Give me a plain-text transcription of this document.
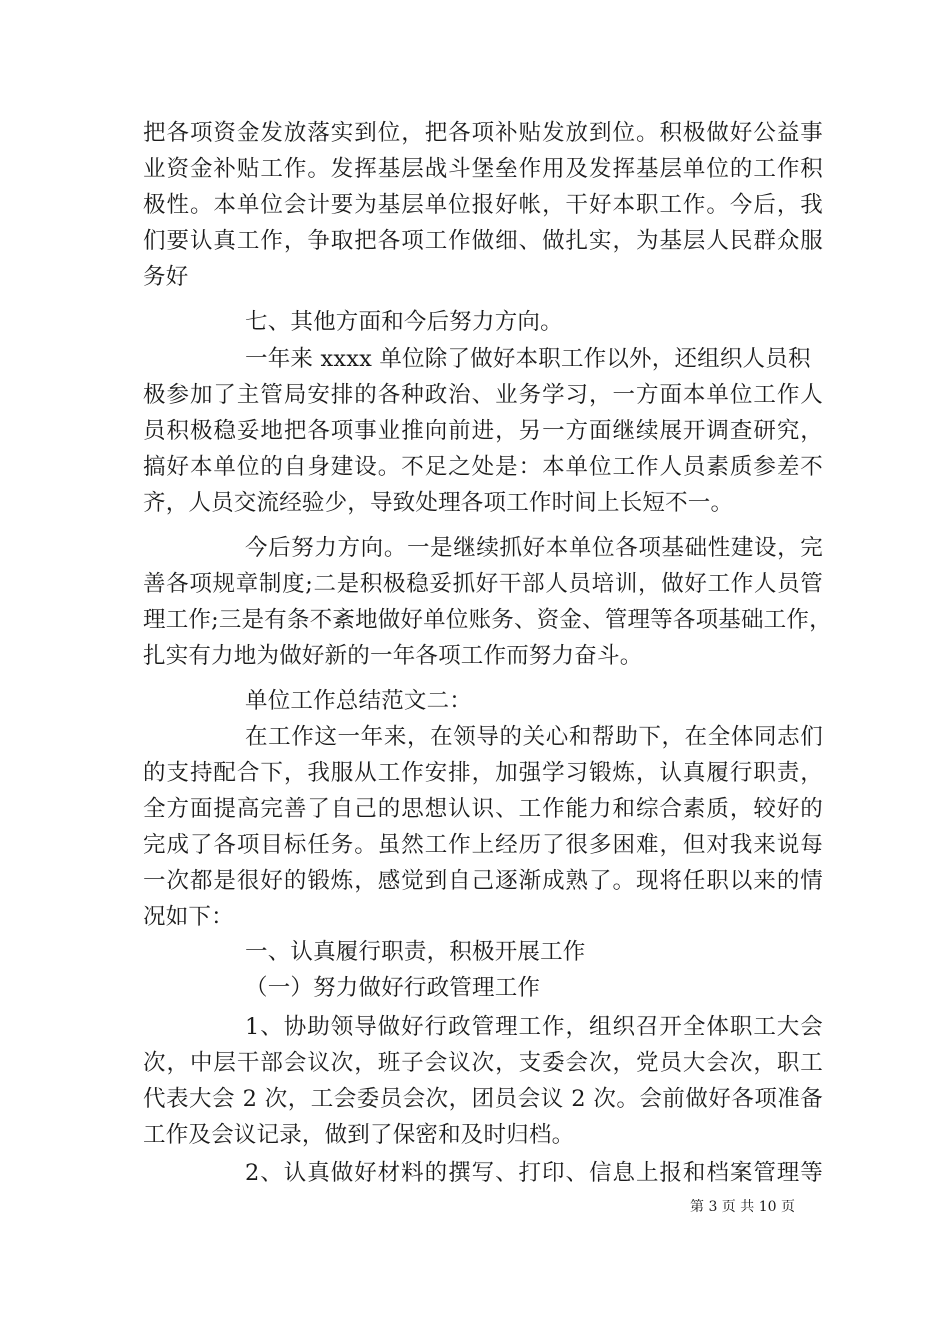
把各项资金发放落实到位，把各项补贴发放到位。积极做好公益事
业资金补贴工作。发挥基层战斗堡垒作用及发挥基层单位的工作积
极性。本单位会计要为基层单位报好帐，干好本职工作。今后，我
们要认真工作，争取把各项工作做细、做扎实，为基层人民群众服
务好
七、其他方面和今后努力方向。
一年来 xxxx 单位除了做好本职工作以外，还组织人员积
极参加了主管局安排的各种政治、业务学习，一方面本单位工作人
员积极稳妥地把各项事业推向前进，另一方面继续展开调查研究，
搞好本单位的自身建设。不足之处是：本单位工作人员素质参差不
齐，人员交流经验少，导致处理各项工作时间上长短不一。
今后努力方向。一是继续抓好本单位各项基础性建设，完
善各项规章制度;二是积极稳妥抓好干部人员培训，做好工作人员管
理工作;三是有条不紊地做好单位账务、资金、管理等各项基础工作，
扎实有力地为做好新的一年各项工作而努力奋斗。
单位工作总结范文二：
在工作这一年来，在领导的关心和帮助下，在全体同志们
的支持配合下，我服从工作安排，加强学习锻炼，认真履行职责，
全方面提高完善了自己的思想认识、工作能力和综合素质，较好的
完成了各项目标任务。虽然工作上经历了很多困难，但对我来说每
一次都是很好的锻炼，感觉到自己逐渐成熟了。现将任职以来的情
况如下：
一、认真履行职责，积极开展工作
（一）努力做好行政管理工作
1、协助领导做好行政管理工作，组织召开全体职工大会
次，中层干部会议次，班子会议次，支委会次，党员大会次，职工
代表大会 2 次，工会委员会次，团员会议 2 次。会前做好各项准备
工作及会议记录，做到了保密和及时归档。
2、认真做好材料的撰写、打印、信息上报和档案管理等
第 3 页 共 10 页
